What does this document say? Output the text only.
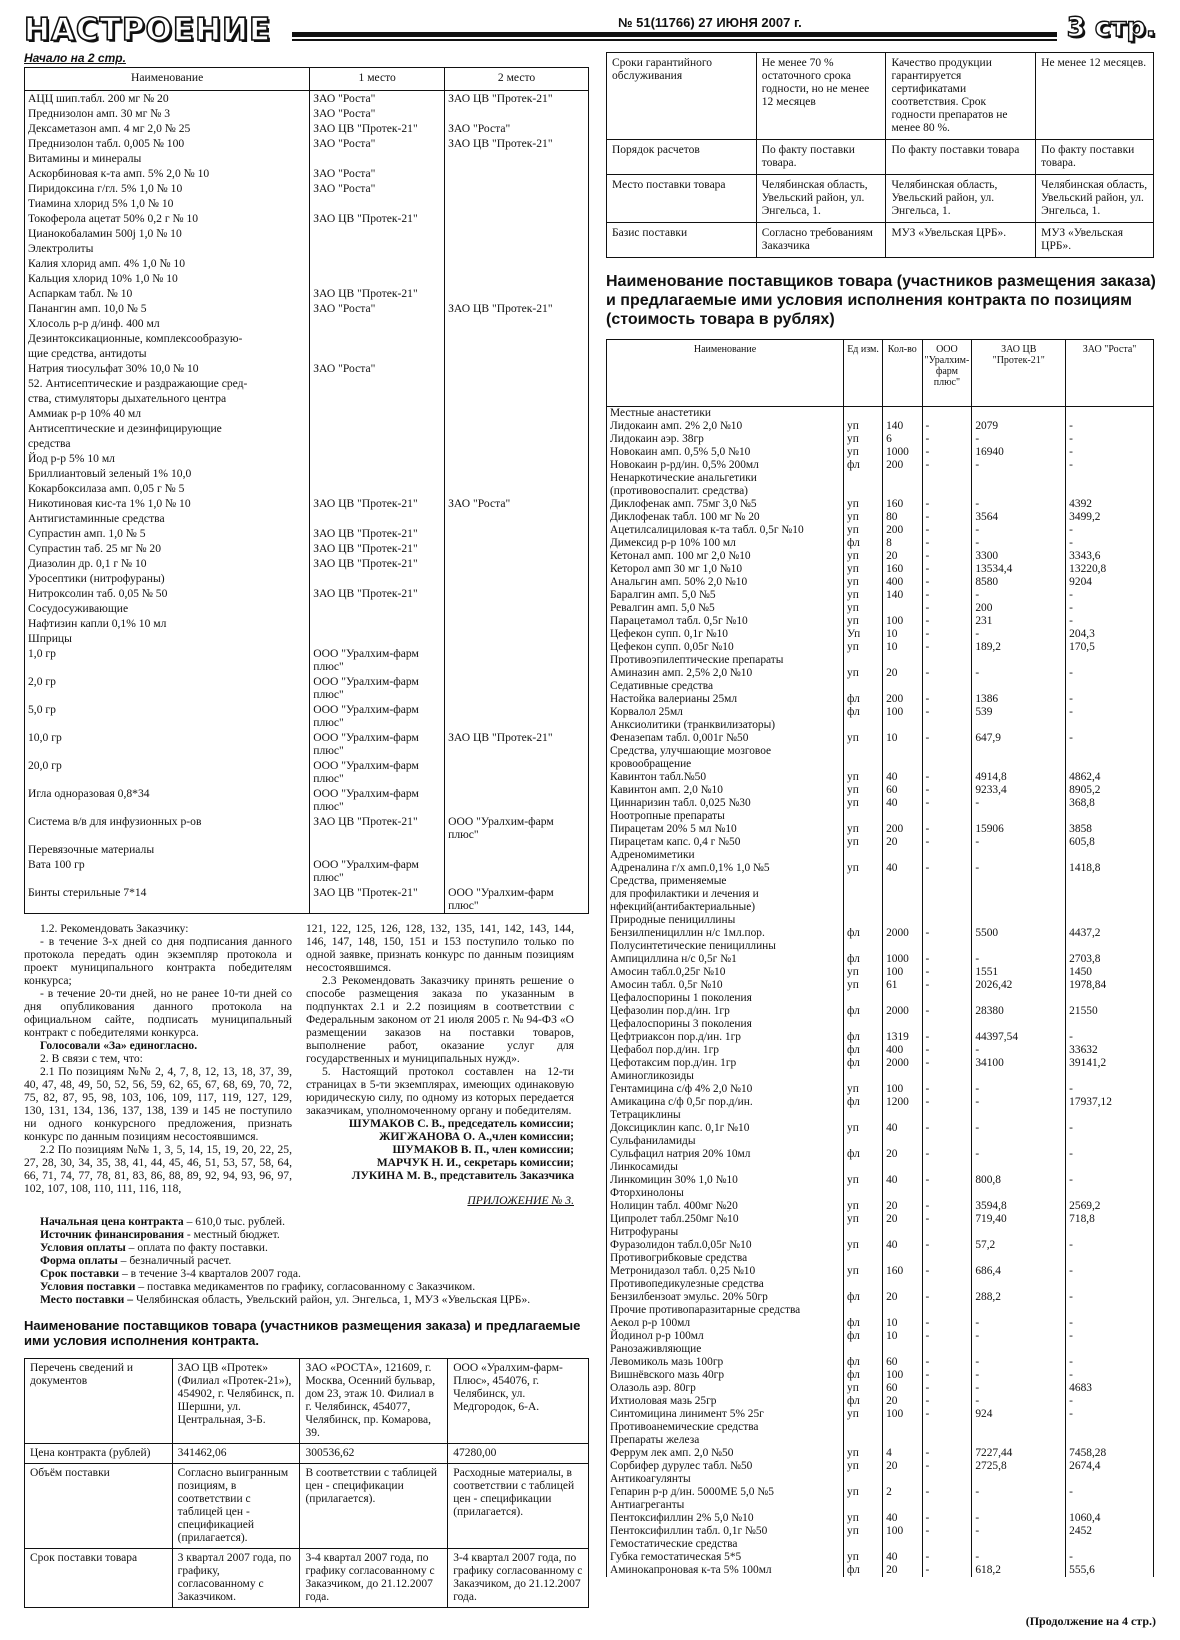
НАСТРОЕНИЕ	№ 51(11766) 27 ИЮНЯ 2007 г.	3 стр.
Начало на 2 стр.
Наименование	1 место	2 место
АЦЦ шип.табл. 200 мг № 20	ЗАО "Роста"	ЗАО ЦВ "Протек-21"
Преднизолон амп. 30 мг № 3	ЗАО "Роста"	
Дексаметазон амп. 4 мг 2,0 № 25	ЗАО ЦВ "Протек-21"	ЗАО "Роста"
Преднизолон табл. 0,005 № 100	ЗАО "Роста"	ЗАО ЦВ "Протек-21"
Витамины и минералы		
Аскорбиновая к-та амп. 5% 2,0 № 10	ЗАО "Роста"	
Пиридоксина г/гл. 5% 1,0 № 10	ЗАО "Роста"	
Тиамина хлорид 5% 1,0 № 10		
Токоферола ацетат 50% 0,2 г № 10	ЗАО ЦВ "Протек-21"	
Цианокобаламин 500j 1,0 № 10		
Электролиты		
Калия хлорид амп. 4% 1,0 № 10		
Кальция хлорид 10% 1,0 № 10		
Аспаркам табл. № 10	ЗАО ЦВ "Протек-21"	
Панангин амп. 10,0 № 5	ЗАО "Роста"	ЗАО ЦВ "Протек-21"
Хлосоль р-р д/инф. 400 мл		
Дезинтоксикационные, комплексообразую-		
щие средства, антидоты		
Натрия тиосульфат 30% 10,0 № 10	ЗАО "Роста"	
52. Антисептические и раздражающие сред-		
ства, стимуляторы дыхательного центра		
Аммиак р-р 10% 40 мл		
Антисептические и дезинфицирующие		
средства		
Йод р-р 5% 10 мл		
Бриллиантовый зеленый 1% 10,0		
Кокарбоксилаза амп. 0,05 г № 5		
Никотиновая кис-та 1% 1,0 № 10	ЗАО ЦВ "Протек-21"	ЗАО "Роста"
Антигистаминные средства		
Супрастин амп. 1,0 № 5	ЗАО ЦВ "Протек-21"	
Супрастин таб. 25 мг № 20	ЗАО ЦВ "Протек-21"	
Диазолин др. 0,1 г № 10	ЗАО ЦВ "Протек-21"	
Уросептики (нитрофураны)		
Нитроксолин таб. 0,05 № 50	ЗАО ЦВ "Протек-21"	
Сосудосуживающие		
Нафтизин капли 0,1% 10 мл		
Шприцы		
1,0 гр	ООО "Уралхим-фарм
плюс"	
2,0 гр	ООО "Уралхим-фарм
плюс"	
5,0 гр	ООО "Уралхим-фарм
плюс"	
10,0 гр	ООО "Уралхим-фарм
плюс"	ЗАО ЦВ "Протек-21"
20,0 гр	ООО "Уралхим-фарм
плюс"	
Игла одноразовая 0,8*34	ООО "Уралхим-фарм
плюс"	
Система в/в для инфузионных р-ов	ЗАО ЦВ "Протек-21"	ООО "Уралхим-фарм
плюс"
Перевязочные материалы		
Вата 100 гр	ООО "Уралхим-фарм
плюс"	
Бинты стерильные 7*14	ЗАО ЦВ "Протек-21"	ООО "Уралхим-фарм
плюс"

1.2. Рекомендовать Заказчику:

- в течение 3-х дней со дня подписания данного протокола передать один экземпляр протокола и проект муниципального контракта победителям конкурса;

- в течение 20-ти дней, но не ранее 10-ти дней со дня опубликования данного протокола на официальном сайте, подписать муниципальный контракт с победителями конкурса.

Голосовали «За» единогласно.

2. В связи с тем, что:

2.1 По позициям №№ 2, 4, 7, 8, 12, 13, 18, 37, 39, 40, 47, 48, 49, 50, 52, 56, 59, 62, 65, 67, 68, 69, 70, 72, 75, 82, 87, 95, 98, 103, 106, 109, 117, 119, 127, 129, 130, 131, 134, 136, 137, 138, 139 и 145 не поступило ни одного конкурсного предложения, признать конкурс по данным позициям несостоявшимся.

2.2 По позициям №№ 1, 3, 5, 14, 15, 19, 20, 22, 25, 27, 28, 30, 34, 35, 38, 41, 44, 45, 46, 51, 53, 57, 58, 64, 66, 71, 74, 77, 78, 81, 83, 86, 88, 89, 92, 94, 93, 96, 97, 102, 107, 108, 110, 111, 116, 118,

121, 122, 125, 126, 128, 132, 135, 141, 142, 143, 144, 146, 147, 148, 150, 151 и 153 поступило только по одной заявке, признать конкурс по данным позициям несостоявшимся.

2.3 Рекомендовать Заказчику принять решение о способе размещения заказа по указанным в подпунктах 2.1 и 2.2 позициям в соответствии с Федеральным законом от 21 июля 2005 г. № 94-ФЗ «О размещении заказов на поставки товаров, выполнение работ, оказание услуг для государственных и муниципальных нужд».

5. Настоящий протокол составлен на 12-ти страницах в 5-ти экземплярах, имеющих одинаковую юридическую силу, по одному из которых передается заказчикам, уполномоченному органу и победителям.

ШУМАКОВ С. В., председатель комиссии;
ЖИГЖАНОВА О. А.,член комиссии;
ШУМАКОВ В. П., член комиссии;
МАРЧУК Н. И., секретарь комиссии;
ЛУКИНА М. В., представитель Заказчика
ПРИЛОЖЕНИЕ № 3.
Начальная цена контракта – 610,0 тыс. рублей.
Источник финансирования - местный бюджет.
Условия оплаты – оплата по факту поставки.
Форма оплаты – безналичный расчет.
Срок поставки – в течение 3-4 кварталов 2007 года.
Условия поставки – поставка медикаментов по графику, согласованному с Заказчиком.
Место поставки – Челябинская область, Увельский район, ул. Энгельса, 1, МУЗ «Увельская ЦРБ».
Наименование поставщиков товара (участников размещения заказа) и предлагаемые ими условия исполнения контракта.
Перечень сведений и документов	ЗАО ЦВ «Протек» (Филиал «Протек-21»), 454902, г. Челябинск, п. Шершни, ул. Центральная, 3-Б.	ЗАО «РОСТА», 121609, г. Москва, Осенний бульвар, дом 23, этаж 10. Филиал в г. Челябинск, 454077, Челябинск, пр. Комарова, 39.	ООО «Уралхим-фарм-Плюс», 454076, г. Челябинск, ул. Медгородок, 6-А.
Цена контракта (рублей)	341462,06	300536,62	47280,00
Объём поставки	Согласно выигранным позициям, в соответствии с таблицей цен - спецификацией (прилагается).	В соответствии с таблицей цен - спецификации (прилагается).	Расходные материалы, в соответствии с таблицей цен - спецификации (прилагается).
Срок поставки товара	3 квартал 2007 года, по графику, согласованному с Заказчиком.	3-4 квартал 2007 года, по графику согласованному с Заказчиком, до 21.12.2007 года.	3-4 квартал 2007 года, по графику согласованному с Заказчиком, до 21.12.2007 года.
Сроки гарантийного обслуживания	Не менее 70 % остаточного срока годности, но не менее 12 месяцев	Качество продукции гарантируется сертификатами соответствия. Срок годности препаратов не менее 80 %.	Не менее 12 месяцев.
Порядок расчетов	По факту поставки товара.	По факту поставки товара	По факту поставки товара.
Место поставки товара	Челябинская область, Увельский район, ул. Энгельса, 1.	Челябинская область, Увельский район, ул. Энгельса, 1.	Челябинская область, Увельский район, ул. Энгельса, 1.
Базис поставки	Согласно требованиям Заказчика	МУЗ «Увельская ЦРБ».	МУЗ «Увельская ЦРБ».
Наименование поставщиков товара (участников размещения заказа) и предлагаемые ими условия исполнения контракта по позициям (стоимость товара в рублях)
Наименование	Ед изм.	Кол-во	ООО "Уралхим-фарм плюс"	ЗАО ЦВ "Протек-21"	ЗАО "Роста"
Местные анастетики					
Лидокаин амп. 2% 2,0 №10	уп	140	-	2079	-
Лидокаин аэр. 38гр	уп	6	-	-	-
Новокаин амп. 0,5% 5,0 №10	уп	1000	-	16940	-
Новокаин р-рд/ин. 0,5% 200мл	фл	200	-	-	-
Ненаркотические анальгетики					
(противовоспалит. средства)					
Диклофенак амп. 75мг 3,0 №5	уп	160	-	-	4392
Диклофенак табл. 100 мг № 20	уп	80	-	3564	3499,2
Ацетилсалициловая к-та табл. 0,5г №10	уп	200	-	-	-
Димексид р-р 10% 100 мл	фл	8	-	-	-
Кетонал амп. 100 мг 2,0 №10	уп	20	-	3300	3343,6
Кеторол амп 30 мг 1,0 №10	уп	160	-	13534,4	13220,8
Анальгин амп. 50% 2,0 №10	уп	400	-	8580	9204
Баралгин амп. 5,0 №5	уп	140	-	-	-
Ревалгин амп. 5,0 №5	уп		-	200	-
Парацетамол табл. 0,5г №10	уп	100	-	231	-
Цефекон супп. 0,1г №10	Уп	10	-	-	204,3
Цефекон супп. 0,05г №10	уп	10	-	189,2	170,5
Противоэпилептические препараты					
Аминазин амп. 2,5% 2,0 №10	уп	20	-	-	-
Седативные средства					
Настойка валерианы 25мл	фл	200	-	1386	-
Корвалол 25мл	фл	100	-	539	-
Анксиолитики (транквилизаторы)					
Феназепам табл. 0,001г №50	уп	10	-	647,9	-
Средства, улучшающие мозговое					
кровообращение					
Кавинтон табл.№50	уп	40	-	4914,8	4862,4
Кавинтон амп. 2,0 №10	уп	60	-	9233,4	8905,2
Циннаризин табл. 0,025 №30	уп	40	-	-	368,8
Ноотропные препараты					
Пирацетам 20% 5 мл №10	уп	200	-	15906	3858
Пирацетам капс. 0,4 г №50	уп	20	-	-	605,8
Адреномиметики					
Адреналина г/х амп.0,1% 1,0 №5	уп	40	-	-	1418,8
Средства, применяемые					
для профилактики и лечения и					
нфекций(антибактериальные)					
Природные пенициллины					
Бензилпенициллин н/с 1мл.пор.	фл	2000	-	5500	4437,2
Полусинтетические пенициллины					
Ампициллина н/с 0,5г №1	фл	1000	-	-	2703,8
Амосин табл.0,25г №10	уп	100	-	1551	1450
Амосин табл. 0,5г №10	уп	61	-	2026,42	1978,84
Цефалоспорины 1 поколения					
Цефазолин пор.д/ин. 1гр	фл	2000	-	28380	21550
Цефалоспорины 3 поколения					
Цефтриаксон пор.д/ин. 1гр	фл	1319	-	44397,54	-
Цефабол пор.д/ин. 1гр	фл	400	-	-	33632
Цефотаксим пор.д/ин. 1гр	фл	2000	-	34100	39141,2
Аминогликозиды					
Гентамицина с/ф 4% 2,0 №10	уп	100	-	-	-
Амикацина с/ф 0,5г пор.д/ин.	фл	1200	-	-	17937,12
Тетрациклины					
Доксициклин капс. 0,1г №10	уп	40	-	-	-
Сульфаниламиды					
Сульфацил натрия 20% 10мл	фл	20	-	-	-
Линкосамиды					
Линкомицин 30% 1,0 №10	уп	40	-	800,8	-
Фторхинолоны					
Нолицин табл. 400мг №20	уп	20	-	3594,8	2569,2
Ципролет табл.250мг №10	уп	20	-	719,40	718,8
Нитрофураны					
Фуразолидон табл.0,05г №10	уп	40	-	57,2	-
Противогрибковые средства					
Метронидазол табл. 0,25 №10	уп	160	-	686,4	-
Противопедикулезные средства					
Бензилбензоат эмульс. 20% 50гр	фл	20	-	288,2	-
Прочие противопаразитарные средства					
Аекол р-р 100мл	фл	10	-	-	-
Йодинол р-р 100мл	фл	10	-	-	-
Ранозаживляющие					
Левомиколь мазь 100гр	фл	60	-	-	-
Вишнёвского мазь 40гр	фл	100	-	-	-
Олазоль аэр. 80гр	уп	60	-	-	4683
Ихтиоловая мазь 25гр	фл	20	-	-	-
Синтомицина линимент 5% 25г	уп	100	-	924	-
Противоанемические средства					
Препараты железа					
Феррум лек амп. 2,0 №50	уп	4	-	7227,44	7458,28
Сорбифер дурулес табл. №50	уп	20	-	2725,8	2674,4
Антикоагулянты					
Гепарин р-р д/ин. 5000МЕ 5,0 №5	уп	2	-	-	-
Антиагреганты					
Пентоксифиллин 2% 5,0 №10	уп	40	-	-	1060,4
Пентоксифиллин табл. 0,1г №50	уп	100	-	-	2452
Гемостатические средства					
Губка гемостатическая 5*5	уп	40	-	-	-
Аминокапроновая к-та 5% 100мл	фл	20	-	618,2	555,6
(Продолжение на 4 стр.)
